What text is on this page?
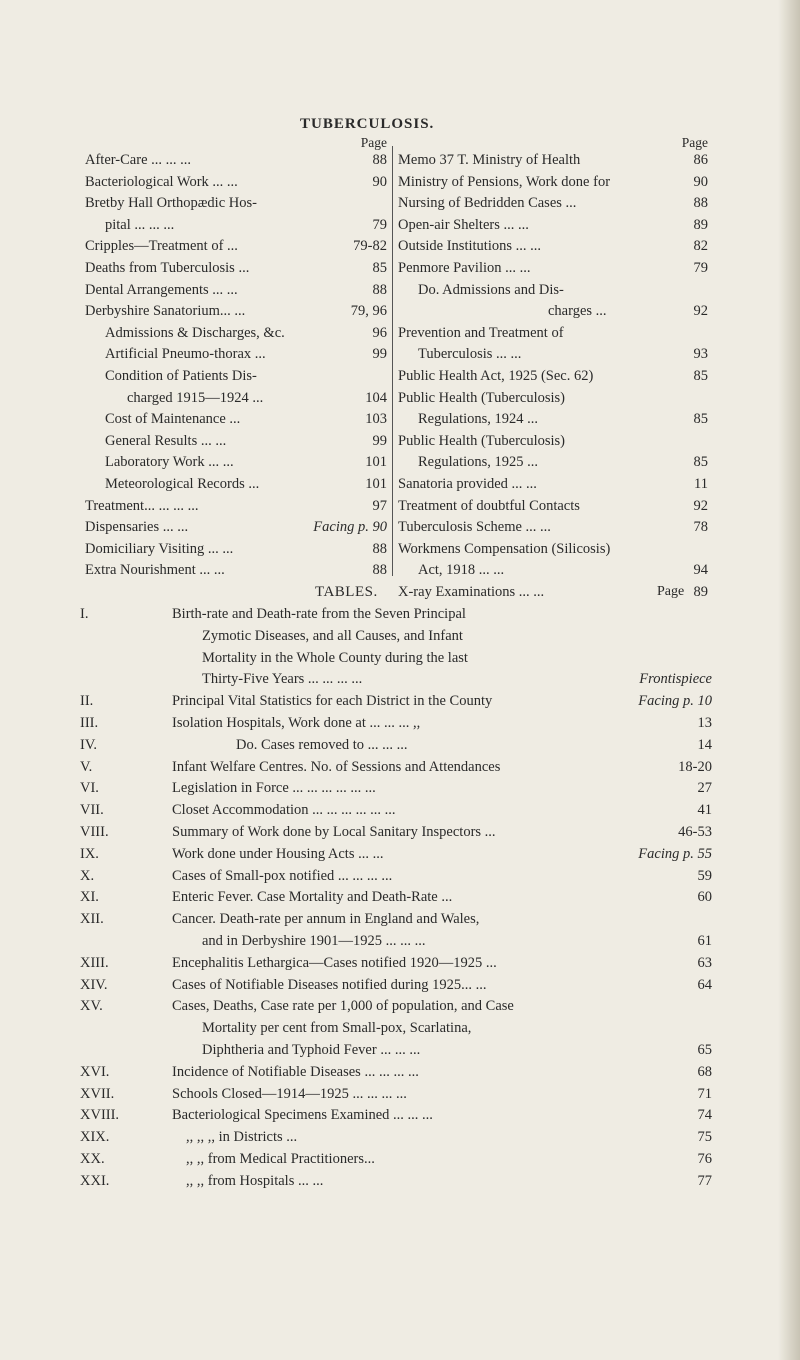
TUBERCULOSIS.
Page
After-Care ... ... ...	88
Bacteriological Work ... ...	90
Bretby Hall Orthopædic Hos-
pital ... ... ...	79
Cripples—Treatment of ...	79-82
Deaths from Tuberculosis ...	85
Dental Arrangements ... ...	88
Derbyshire Sanatorium... ...	79, 96
Admissions & Discharges, &c.	96
Artificial Pneumo-thorax ...	99
Condition of Patients Dis-
charged 1915—1924 ...	104
Cost of Maintenance ...	103
General Results ... ...	99
Laboratory Work ... ...	101
Meteorological Records ...	101
Treatment... ... ... ...	97
Dispensaries ... ...	Facing p. 90
Domiciliary Visiting ... ...	88
Extra Nourishment ... ...	88
Page
Memo 37 T. Ministry of Health	86
Ministry of Pensions, Work done for	90
Nursing of Bedridden Cases ...	88
Open-air Shelters ... ...	89
Outside Institutions ... ...	82
Penmore Pavilion ... ...	79
Do. Admissions and Dis-
charges ...	92
Prevention and Treatment of
Tuberculosis ... ...	93
Public Health Act, 1925 (Sec. 62)	85
Public Health (Tuberculosis)
Regulations, 1924 ...	85
Public Health (Tuberculosis)
Regulations, 1925 ...	85
Sanatoria provided ... ...	11
Treatment of doubtful Contacts	92
Tuberculosis Scheme ... ...	78
Workmens Compensation (Silicosis)
Act, 1918 ... ...	94
X-ray Examinations ... ...	89
TABLES.	Page
I.	Birth-rate and Death-rate from the Seven Principal
Zymotic Diseases, and all Causes, and Infant
Mortality in the Whole County during the last
Thirty-Five Years ... ... ... ...	Frontispiece
II.	Principal Vital Statistics for each District in the County	Facing p. 10
III.	Isolation Hospitals, Work done at ... ... ... ,,	13
IV.	Do. Cases removed to ... ... ...	14
V.	Infant Welfare Centres. No. of Sessions and Attendances	18-20
VI.	Legislation in Force ... ... ... ... ... ...	27
VII.	Closet Accommodation ... ... ... ... ... ...	41
VIII.	Summary of Work done by Local Sanitary Inspectors ...	46-53
IX.	Work done under Housing Acts ... ...	Facing p. 55
X.	Cases of Small-pox notified ... ... ... ...	59
XI.	Enteric Fever. Case Mortality and Death-Rate ...	60
XII.	Cancer. Death-rate per annum in England and Wales,
and in Derbyshire 1901—1925 ... ... ...	61
XIII.	Encephalitis Lethargica—Cases notified 1920—1925 ...	63
XIV.	Cases of Notifiable Diseases notified during 1925... ...	64
XV.	Cases, Deaths, Case rate per 1,000 of population, and Case
Mortality per cent from Small-pox, Scarlatina,
Diphtheria and Typhoid Fever ... ... ...	65
XVI.	Incidence of Notifiable Diseases ... ... ... ...	68
XVII.	Schools Closed—1914—1925 ... ... ... ...	71
XVIII.	Bacteriological Specimens Examined ... ... ...	74
XIX.	,, ,, ,, in Districts ...	75
XX.	,, ,, from Medical Practitioners...	76
XXI.	,, ,, from Hospitals ... ...	77
